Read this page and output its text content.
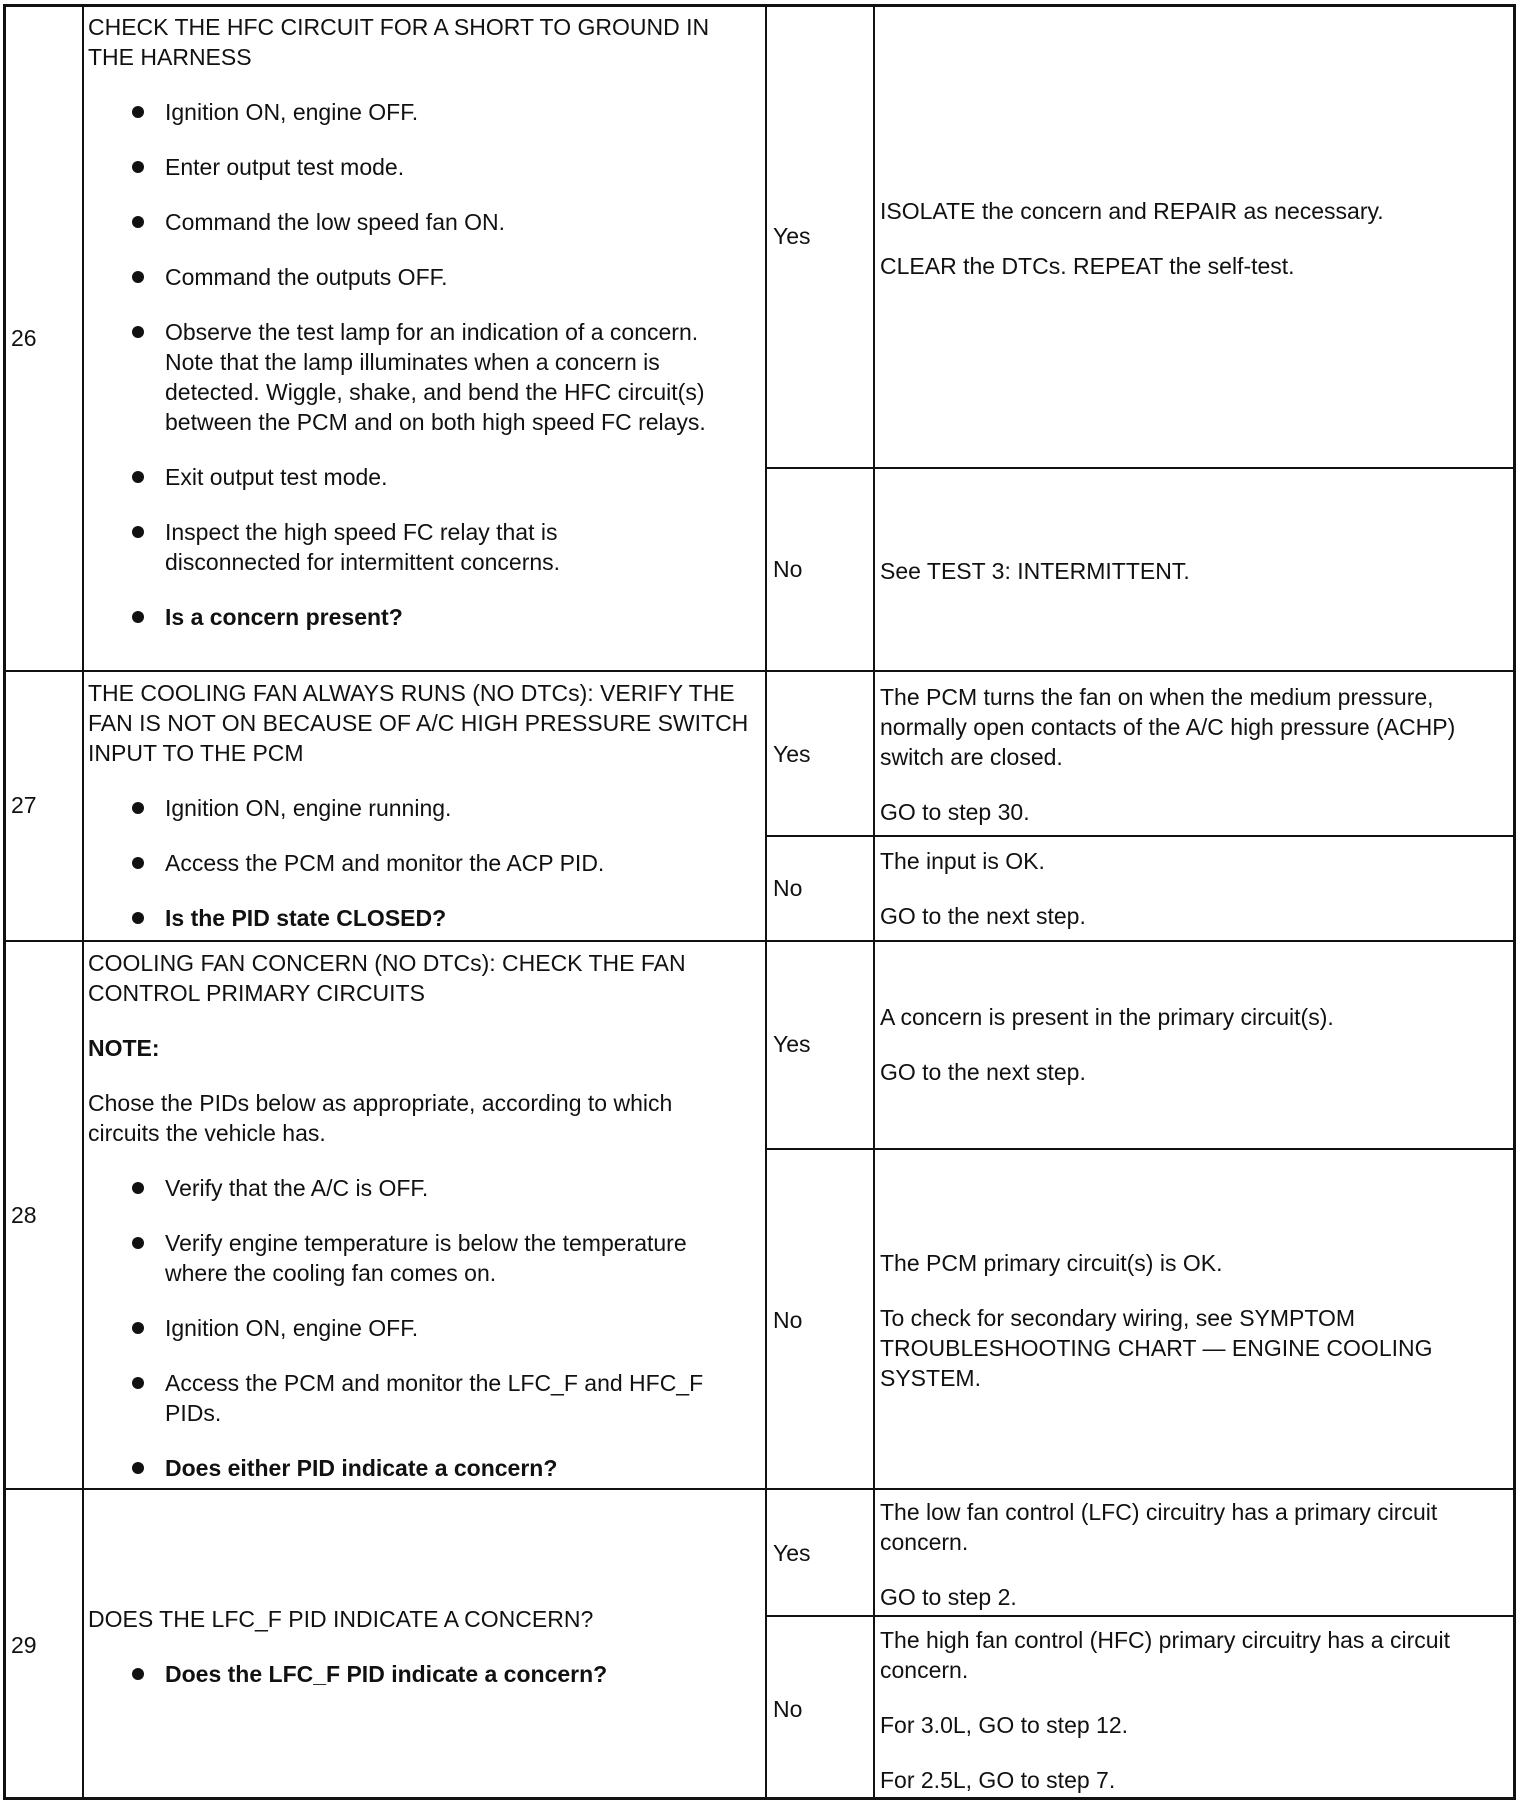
26

CHECK THE HFC CIRCUIT FOR A SHORT TO GROUND IN THE HARNESS

Ignition ON, engine OFF.
Enter output test mode.
Command the low speed fan ON.
Command the outputs OFF.
Observe the test lamp for an indication of a concern. Note that the lamp illuminates when a concern is detected. Wiggle, shake, and bend the HFC circuit(s) between the PCM and on both high speed FC relays.
Exit output test mode.
Inspect the high speed FC relay that is disconnected for intermittent concerns.
Is a concern present?
Yes

ISOLATE the concern and REPAIR as necessary.

CLEAR the DTCs. REPEAT the self-test.

No	See TEST 3: INTERMITTENT.

27

THE COOLING FAN ALWAYS RUNS (NO DTCs): VERIFY THE FAN IS NOT ON BECAUSE OF A/C HIGH PRESSURE SWITCH INPUT TO THE PCM

Ignition ON, engine running.
Access the PCM and monitor the ACP PID.
Is the PID state CLOSED?
Yes

The PCM turns the fan on when the medium pressure, normally open contacts of the A/C high pressure (ACHP) switch are closed.

GO to step 30.

No

The input is OK.

GO to the next step.

28

COOLING FAN CONCERN (NO DTCs): CHECK THE FAN CONTROL PRIMARY CIRCUITS

NOTE:

Chose the PIDs below as appropriate, according to which circuits the vehicle has.

Verify that the A/C is OFF.
Verify engine temperature is below the temperature where the cooling fan comes on.
Ignition ON, engine OFF.
Access the PCM and monitor the LFC_F and HFC_F PIDs.
Does either PID indicate a concern?
Yes

A concern is present in the primary circuit(s).

GO to the next step.

No

The PCM primary circuit(s) is OK.

To check for secondary wiring, see SYMPTOM TROUBLESHOOTING CHART — ENGINE COOLING SYSTEM.

29

DOES THE LFC_F PID INDICATE A CONCERN?

Does the LFC_F PID indicate a concern?
Yes

The low fan control (LFC) circuitry has a primary circuit concern.

GO to step 2.

No

The high fan control (HFC) primary circuitry has a circuit concern.

For 3.0L, GO to step 12.

For 2.5L, GO to step 7.
